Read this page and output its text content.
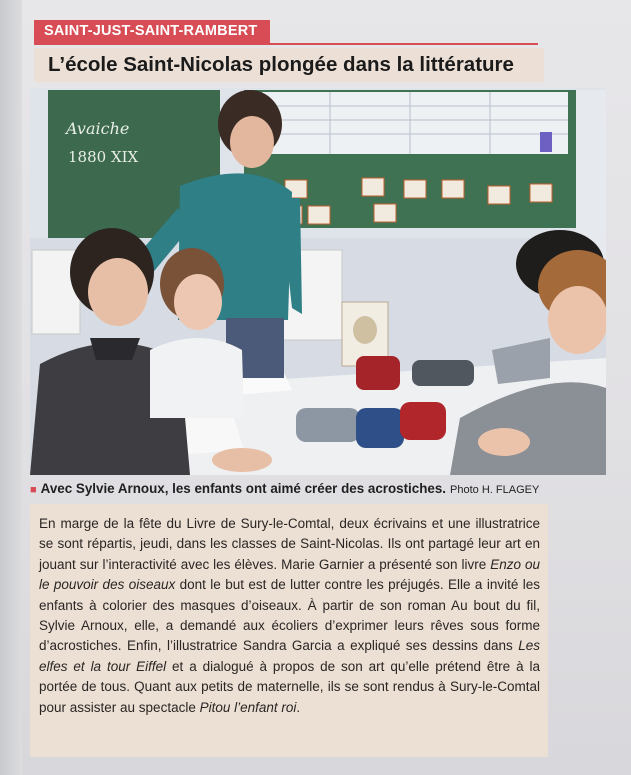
SAINT-JUST-SAINT-RAMBERT
L’école Saint-Nicolas plongée dans la littérature
Avaiche
1880 XIX
■ Avec Sylvie Arnoux, les enfants ont aimé créer des acrostiches. Photo H. FLAGEY

En marge de la fête du Livre de Sury-le-Comtal, deux écrivains et une illustratrice se sont répartis, jeudi, dans les classes de Saint-Nicolas. Ils ont partagé leur art en jouant sur l’interactivité avec les élèves. Marie Garnier a présenté son livre Enzo ou le pouvoir des oiseaux dont le but est de lutter contre les préjugés. Elle a invité les enfants à colorier des masques d’oiseaux. À partir de son roman Au bout du fil, Sylvie Arnoux, elle, a demandé aux écoliers d’exprimer leurs rêves sous forme d’acrostiches. Enfin, l’illustratrice Sandra Garcia a expliqué ses dessins dans Les elfes et la tour Eiffel et a dialogué à propos de son art qu’elle prétend être à la portée de tous. Quant aux petits de maternelle, ils se sont rendus à Sury-le-Comtal pour assister au spectacle Pitou l’enfant roi.
